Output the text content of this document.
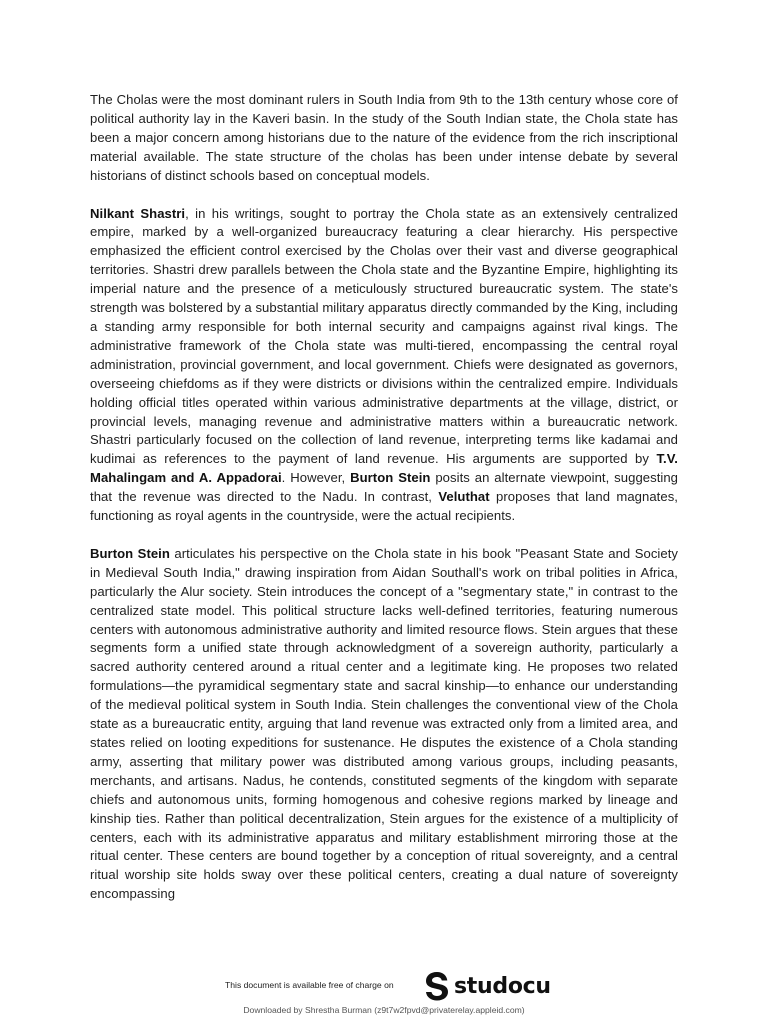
The Cholas were the most dominant rulers in South India from 9th to the 13th century whose core of political authority lay in the Kaveri basin. In the study of the South Indian state, the Chola state has been a major concern among historians due to the nature of the evidence from the rich inscriptional material available. The state structure of the cholas has been under intense debate by several historians of distinct schools based on conceptual models.

Nilkant Shastri, in his writings, sought to portray the Chola state as an extensively centralized empire, marked by a well-organized bureaucracy featuring a clear hierarchy. His perspective emphasized the efficient control exercised by the Cholas over their vast and diverse geographical territories. Shastri drew parallels between the Chola state and the Byzantine Empire, highlighting its imperial nature and the presence of a meticulously structured bureaucratic system. The state's strength was bolstered by a substantial military apparatus directly commanded by the King, including a standing army responsible for both internal security and campaigns against rival kings. The administrative framework of the Chola state was multi-tiered, encompassing the central royal administration, provincial government, and local government. Chiefs were designated as governors, overseeing chiefdoms as if they were districts or divisions within the centralized empire. Individuals holding official titles operated within various administrative departments at the village, district, or provincial levels, managing revenue and administrative matters within a bureaucratic network. Shastri particularly focused on the collection of land revenue, interpreting terms like kadamai and kudimai as references to the payment of land revenue. His arguments are supported by T.V. Mahalingam and A. Appadorai. However, Burton Stein posits an alternate viewpoint, suggesting that the revenue was directed to the Nadu. In contrast, Veluthat proposes that land magnates, functioning as royal agents in the countryside, were the actual recipients.

Burton Stein articulates his perspective on the Chola state in his book "Peasant State and Society in Medieval South India," drawing inspiration from Aidan Southall's work on tribal polities in Africa, particularly the Alur society. Stein introduces the concept of a "segmentary state," in contrast to the centralized state model. This political structure lacks well-defined territories, featuring numerous centers with autonomous administrative authority and limited resource flows. Stein argues that these segments form a unified state through acknowledgment of a sovereign authority, particularly a sacred authority centered around a ritual center and a legitimate king. He proposes two related formulations—the pyramidical segmentary state and sacral kinship—to enhance our understanding of the medieval political system in South India. Stein challenges the conventional view of the Chola state as a bureaucratic entity, arguing that land revenue was extracted only from a limited area, and states relied on looting expeditions for sustenance. He disputes the existence of a Chola standing army, asserting that military power was distributed among various groups, including peasants, merchants, and artisans. Nadus, he contends, constituted segments of the kingdom with separate chiefs and autonomous units, forming homogenous and cohesive regions marked by lineage and kinship ties. Rather than political decentralization, Stein argues for the existence of a multiplicity of centers, each with its administrative apparatus and military establishment mirroring those at the ritual center. These centers are bound together by a conception of ritual sovereignty, and a central ritual worship site holds sway over these political centers, creating a dual nature of sovereignty encompassing

This document is available free of charge on	studocu
Downloaded by Shrestha Burman (z9t7w2fpvd@privaterelay.appleid.com)
